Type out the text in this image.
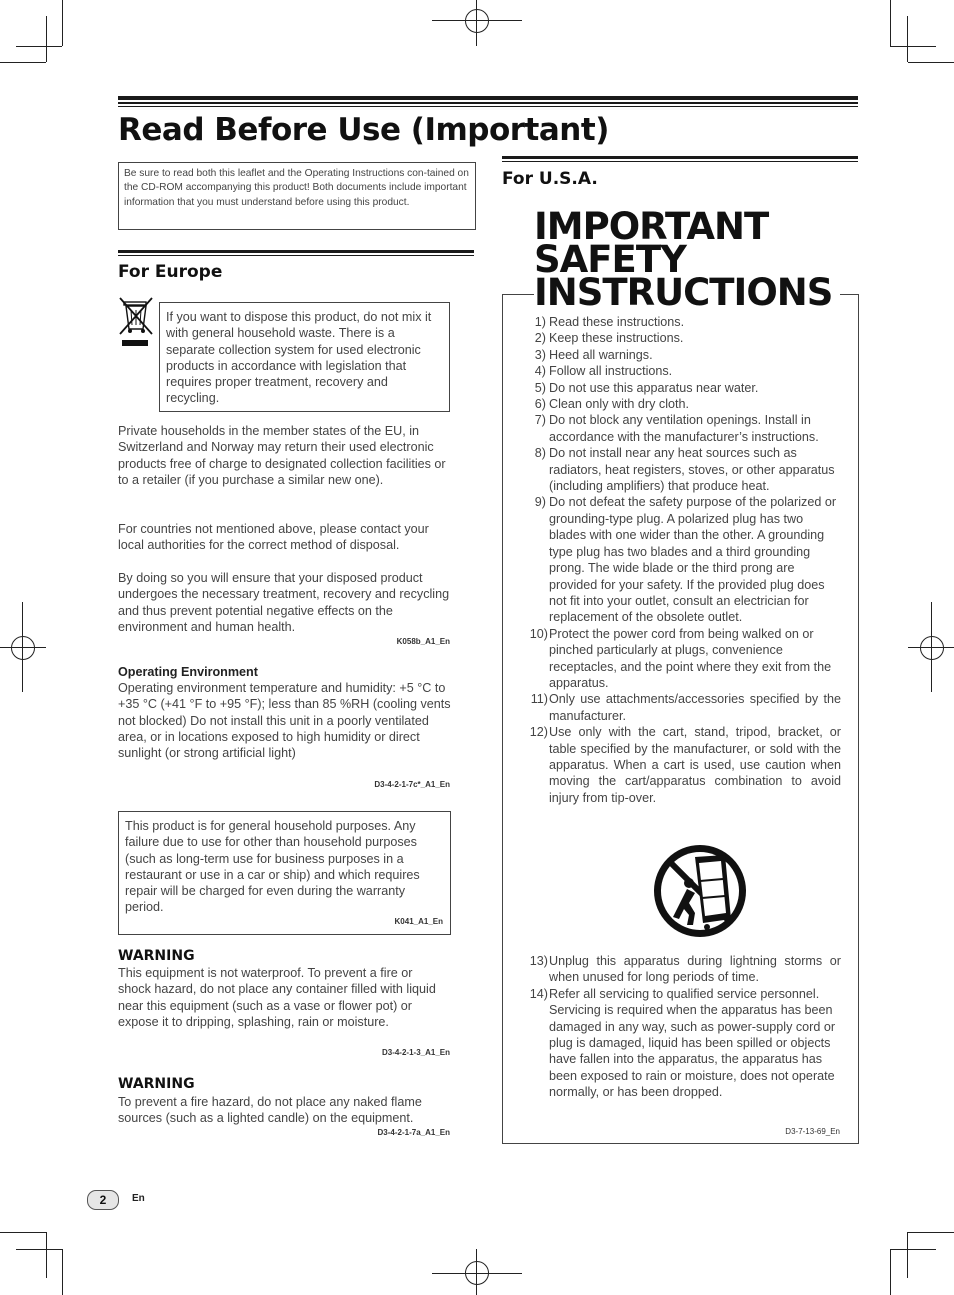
Read Before Use (Important)
Be sure to read both this leaflet and the Operating Instructions con-tained on the CD-ROM accompanying this product! Both documents include important information that you must understand before using this product.
For Europe
If you want to dispose this product, do not mix it with general household waste. There is a separate collection system for used electronic products in accordance with legislation that requires proper treatment, recovery and recycling.
Private households in the member states of the EU, in Switzerland and Norway may return their used electronic products free of charge to designated collection facilities or to a retailer (if you purchase a similar new one).
For countries not mentioned above, please contact your local authorities for the correct method of disposal.
By doing so you will ensure that your disposed product undergoes the necessary treatment, recovery and recycling and thus prevent potential negative effects on the environment and human health.
K058b_A1_En
Operating Environment
Operating environment temperature and humidity: +5 °C to +35 °C (+41 °F to +95 °F); less than 85 %RH (cooling vents not blocked) Do not install this unit in a poorly ventilated area, or in locations exposed to high humidity or direct sunlight (or strong artificial light)
D3-4-2-1-7c*_A1_En
This product is for general household purposes. Any failure due to use for other than household purposes (such as long-term use for business purposes in a restaurant or use in a car or ship) and which requires repair will be charged for even during the warranty period.
K041_A1_En
WARNING
This equipment is not waterproof. To prevent a fire or shock hazard, do not place any container filled with liquid near this equipment (such as a vase or flower pot) or expose it to dripping, splashing, rain or moisture.
D3-4-2-1-3_A1_En
WARNING
To prevent a fire hazard, do not place any naked flame sources (such as a lighted candle) on the equipment.
D3-4-2-1-7a_A1_En
For U.S.A.
IMPORTANT
SAFETY
INSTRUCTIONS
1) Read these instructions.
2) Keep these instructions.
3) Heed all warnings.
4) Follow all instructions.
5) Do not use this apparatus near water.
6) Clean only with dry cloth.
7) Do not block any ventilation openings. Install in accordance with the manufacturer’s instructions.
8) Do not install near any heat sources such as radiators, heat registers, stoves, or other apparatus (including amplifiers) that produce heat.
9) Do not defeat the safety purpose of the polarized or grounding-type plug. A polarized plug has two blades with one wider than the other. A grounding type plug has two blades and a third grounding prong. The wide blade or the third prong are provided for your safety. If the provided plug does not fit into your outlet, consult an electrician for replacement of the obsolete outlet.
10) Protect the power cord from being walked on or pinched particularly at plugs, convenience receptacles, and the point where they exit from the apparatus.
11) Only use attachments/accessories specified by the manufacturer.
12) Use only with the cart, stand, tripod, bracket, or table specified by the manufacturer, or sold with the apparatus. When a cart is used, use caution when moving the cart/apparatus combination to avoid injury from tip-over.
13) Unplug this apparatus during lightning storms or when unused for long periods of time.
14) Refer all servicing to qualified service personnel. Servicing is required when the apparatus has been damaged in any way, such as power-supply cord or plug is damaged, liquid has been spilled or objects have fallen into the apparatus, the apparatus has been exposed to rain or moisture, does not operate normally, or has been dropped.
D3-7-13-69_En
2	En
